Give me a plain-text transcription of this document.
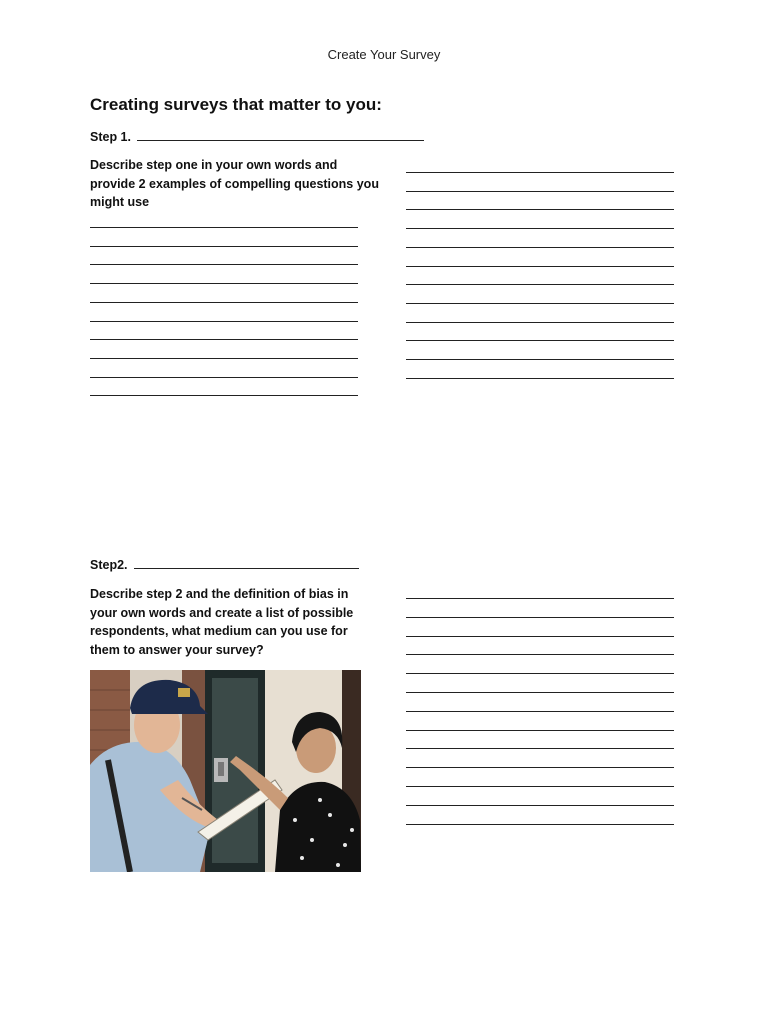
Create Your Survey
Creating surveys that matter to you:
Step 1.
Describe step one in your own words and
provide 2 examples of compelling questions you
might use
Step2.
Describe step 2 and the definition of bias in
your own words and create a list of possible
respondents, what medium can you use for
them to answer your survey?
